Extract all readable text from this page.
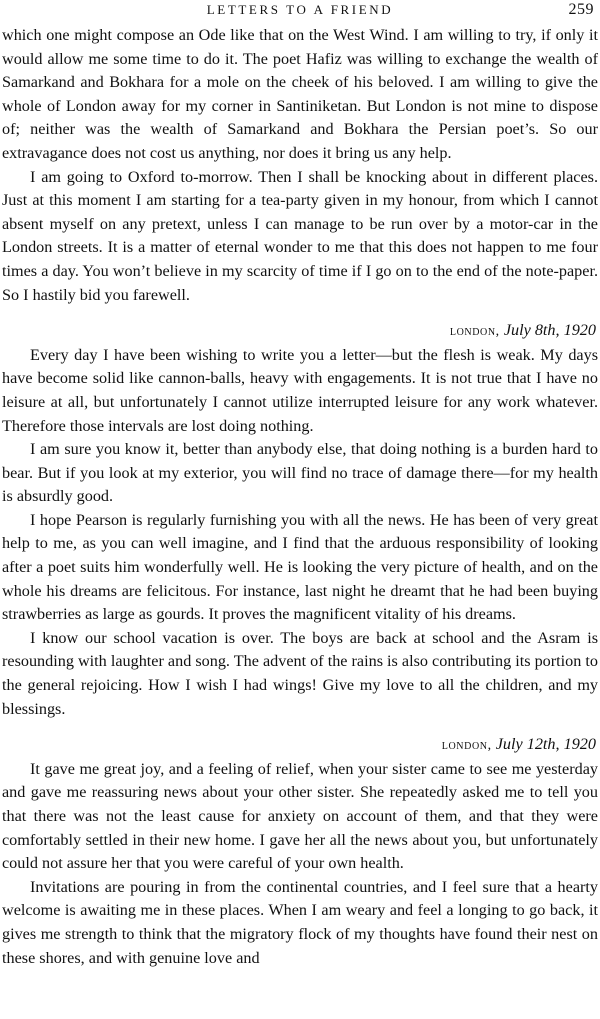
LETTERS TO A FRIEND	259

which one might compose an Ode like that on the West Wind. I am willing to try, if only it would allow me some time to do it. The poet Hafiz was willing to exchange the wealth of Samarkand and Bokhara for a mole on the cheek of his beloved. I am willing to give the whole of London away for my corner in Santiniketan. But London is not mine to dispose of; neither was the wealth of Samarkand and Bokhara the Persian poet’s. So our extravagance does not cost us anything, nor does it bring us any help.

I am going to Oxford to-morrow. Then I shall be knocking about in different places. Just at this moment I am starting for a tea-party given in my honour, from which I cannot absent myself on any pretext, unless I can manage to be run over by a motor-car in the London streets. It is a matter of eternal wonder to me that this does not happen to me four times a day. You won’t believe in my scarcity of time if I go on to the end of the note-paper. So I hastily bid you farewell.

london, July 8th, 1920

Every day I have been wishing to write you a letter—but the flesh is weak. My days have become solid like cannon-balls, heavy with engagements. It is not true that I have no leisure at all, but unfortunately I cannot utilize interrupted leisure for any work whatever. Therefore those intervals are lost doing nothing.

I am sure you know it, better than anybody else, that doing nothing is a burden hard to bear. But if you look at my exterior, you will find no trace of damage there—for my health is absurdly good.

I hope Pearson is regularly furnishing you with all the news. He has been of very great help to me, as you can well imagine, and I find that the arduous responsibility of looking after a poet suits him wonderfully well. He is looking the very picture of health, and on the whole his dreams are felicitous. For instance, last night he dreamt that he had been buying strawberries as large as gourds. It proves the magnificent vitality of his dreams.

I know our school vacation is over. The boys are back at school and the Asram is resounding with laughter and song. The advent of the rains is also contributing its portion to the general rejoicing. How I wish I had wings! Give my love to all the children, and my blessings.

london, July 12th, 1920

It gave me great joy, and a feeling of relief, when your sister came to see me yesterday and gave me reassuring news about your other sister. She repeatedly asked me to tell you that there was not the least cause for anxiety on account of them, and that they were comfortably settled in their new home. I gave her all the news about you, but unfortunately could not assure her that you were careful of your own health.

Invitations are pouring in from the continental countries, and I feel sure that a hearty welcome is awaiting me in these places. When I am weary and feel a longing to go back, it gives me strength to think that the migratory flock of my thoughts have found their nest on these shores, and with genuine love and
